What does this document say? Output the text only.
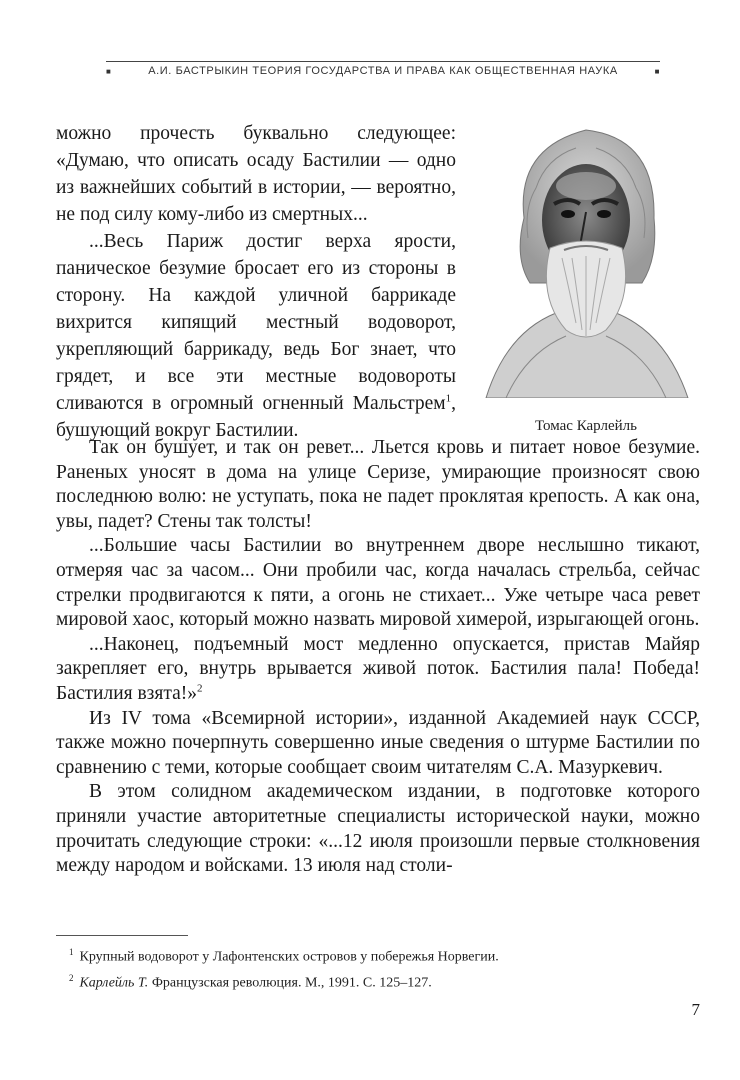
■	А.И. БАСТРЫКИН ТЕОРИЯ ГОСУДАРСТВА И ПРАВА КАК ОБЩЕСТВЕННАЯ НАУКА	■

можно прочесть буквально следующее: «Думаю, что описать осаду Бастилии — одно из важнейших событий в истории, — вероятно, не под силу кому-либо из смертных...

...Весь Париж достиг верха ярости, паническое безумие бросает его из стороны в сторону. На каждой уличной баррикаде вихрится кипящий местный водоворот, укрепляющий баррикаду, ведь Бог знает, что грядет, и все эти местные водовороты сливаются в огромный огненный Мальстрем$^1$, бушующий вокруг Бастилии.	Томас Карлейль

Так он бушует, и так он ревет... Льется кровь и питает новое безумие. Раненых уносят в дома на улице Серизе, умирающие произносят свою последнюю волю: не уступать, пока не падет проклятая крепость. А как она, увы, падет? Стены так толсты!

...Большие часы Бастилии во внутреннем дворе неслышно тикают, отмеряя час за часом... Они пробили час, когда началась стрельба, сейчас стрелки продвигаются к пяти, а огонь не стихает... Уже четыре часа ревет мировой хаос, который можно назвать мировой химерой, изрыгающей огонь.

...Наконец, подъемный мост медленно опускается, пристав Майяр закрепляет его, внутрь врывается живой поток. Бастилия пала! Победа! Бастилия взята!»$^2$

Из IV тома «Всемирной истории», изданной Академией наук СССР, также можно почерпнуть совершенно иные сведения о штурме Бастилии по сравнению с теми, которые сообщает своим читателям С.А. Мазуркевич.

В этом солидном академическом издании, в подготовке которого приняли участие авторитетные специалисты исторической науки, можно прочитать следующие строки: «...12 июля произошли первые столкновения между народом и войсками. 13 июля над столи-

$^1$ Крупный водоворот у Лафонтенских островов у побережья Норвегии.

$^2$ Карлейль Т. Французская революция. М., 1991. С. 125–127.

7
